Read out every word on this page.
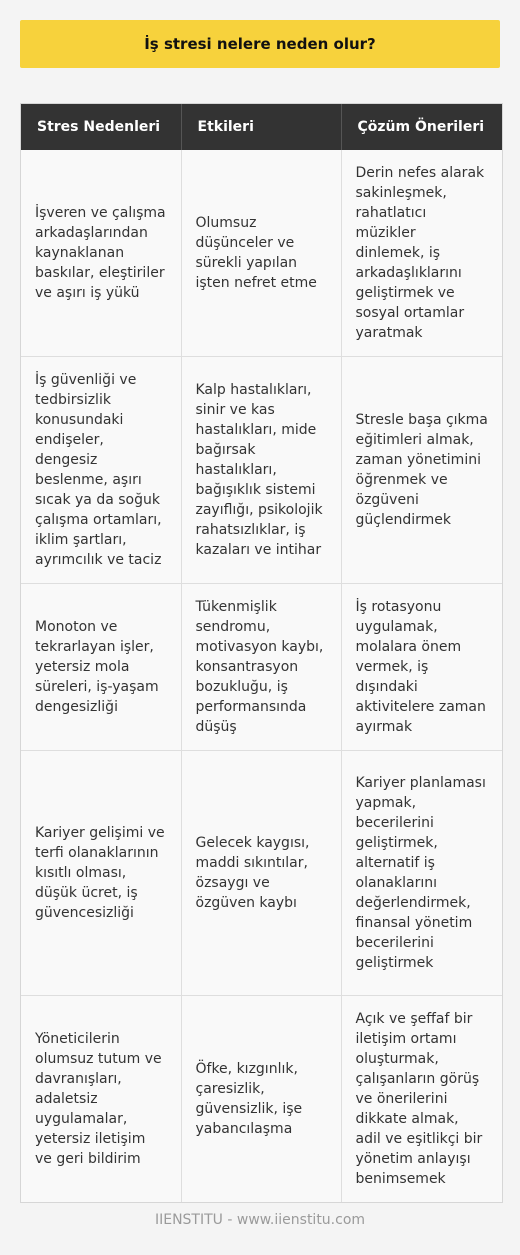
İş stresi nelere neden olur?
Stres Nedenleri	Etkileri	Çözüm Önerileri
İşveren ve çalışma arkadaşlarından kaynaklanan baskılar, eleştiriler ve aşırı iş yükü	Olumsuz düşünceler ve sürekli yapılan işten nefret etme	Derin nefes alarak sakinleşmek, rahatlatıcı müzikler dinlemek, iş arkadaşlıklarını geliştirmek ve sosyal ortamlar yaratmak
İş güvenliği ve tedbirsizlik konusundaki endişeler, dengesiz beslenme, aşırı sıcak ya da soğuk çalışma ortamları, iklim şartları, ayrımcılık ve taciz	Kalp hastalıkları, sinir ve kas hastalıkları, mide bağırsak hastalıkları, bağışıklık sistemi zayıflığı, psikolojik rahatsızlıklar, iş kazaları ve intihar	Stresle başa çıkma eğitimleri almak, zaman yönetimini öğrenmek ve özgüveni güçlendirmek
Monoton ve tekrarlayan işler, yetersiz mola süreleri, iş-yaşam dengesizliği	Tükenmişlik sendromu, motivasyon kaybı, konsantrasyon bozukluğu, iş performansında düşüş	İş rotasyonu uygulamak, molalara önem vermek, iş dışındaki aktivitelere zaman ayırmak
Kariyer gelişimi ve terfi olanaklarının kısıtlı olması, düşük ücret, iş güvencesizliği	Gelecek kaygısı, maddi sıkıntılar, özsaygı ve özgüven kaybı	Kariyer planlaması yapmak, becerilerini geliştirmek, alternatif iş olanaklarını değerlendirmek, finansal yönetim becerilerini geliştirmek
Yöneticilerin olumsuz tutum ve davranışları, adaletsiz uygulamalar, yetersiz iletişim ve geri bildirim	Öfke, kızgınlık, çaresizlik, güvensizlik, işe yabancılaşma	Açık ve şeffaf bir iletişim ortamı oluşturmak, çalışanların görüş ve önerilerini dikkate almak, adil ve eşitlikçi bir yönetim anlayışı benimsemek
IIENSTITU - www.iienstitu.com
